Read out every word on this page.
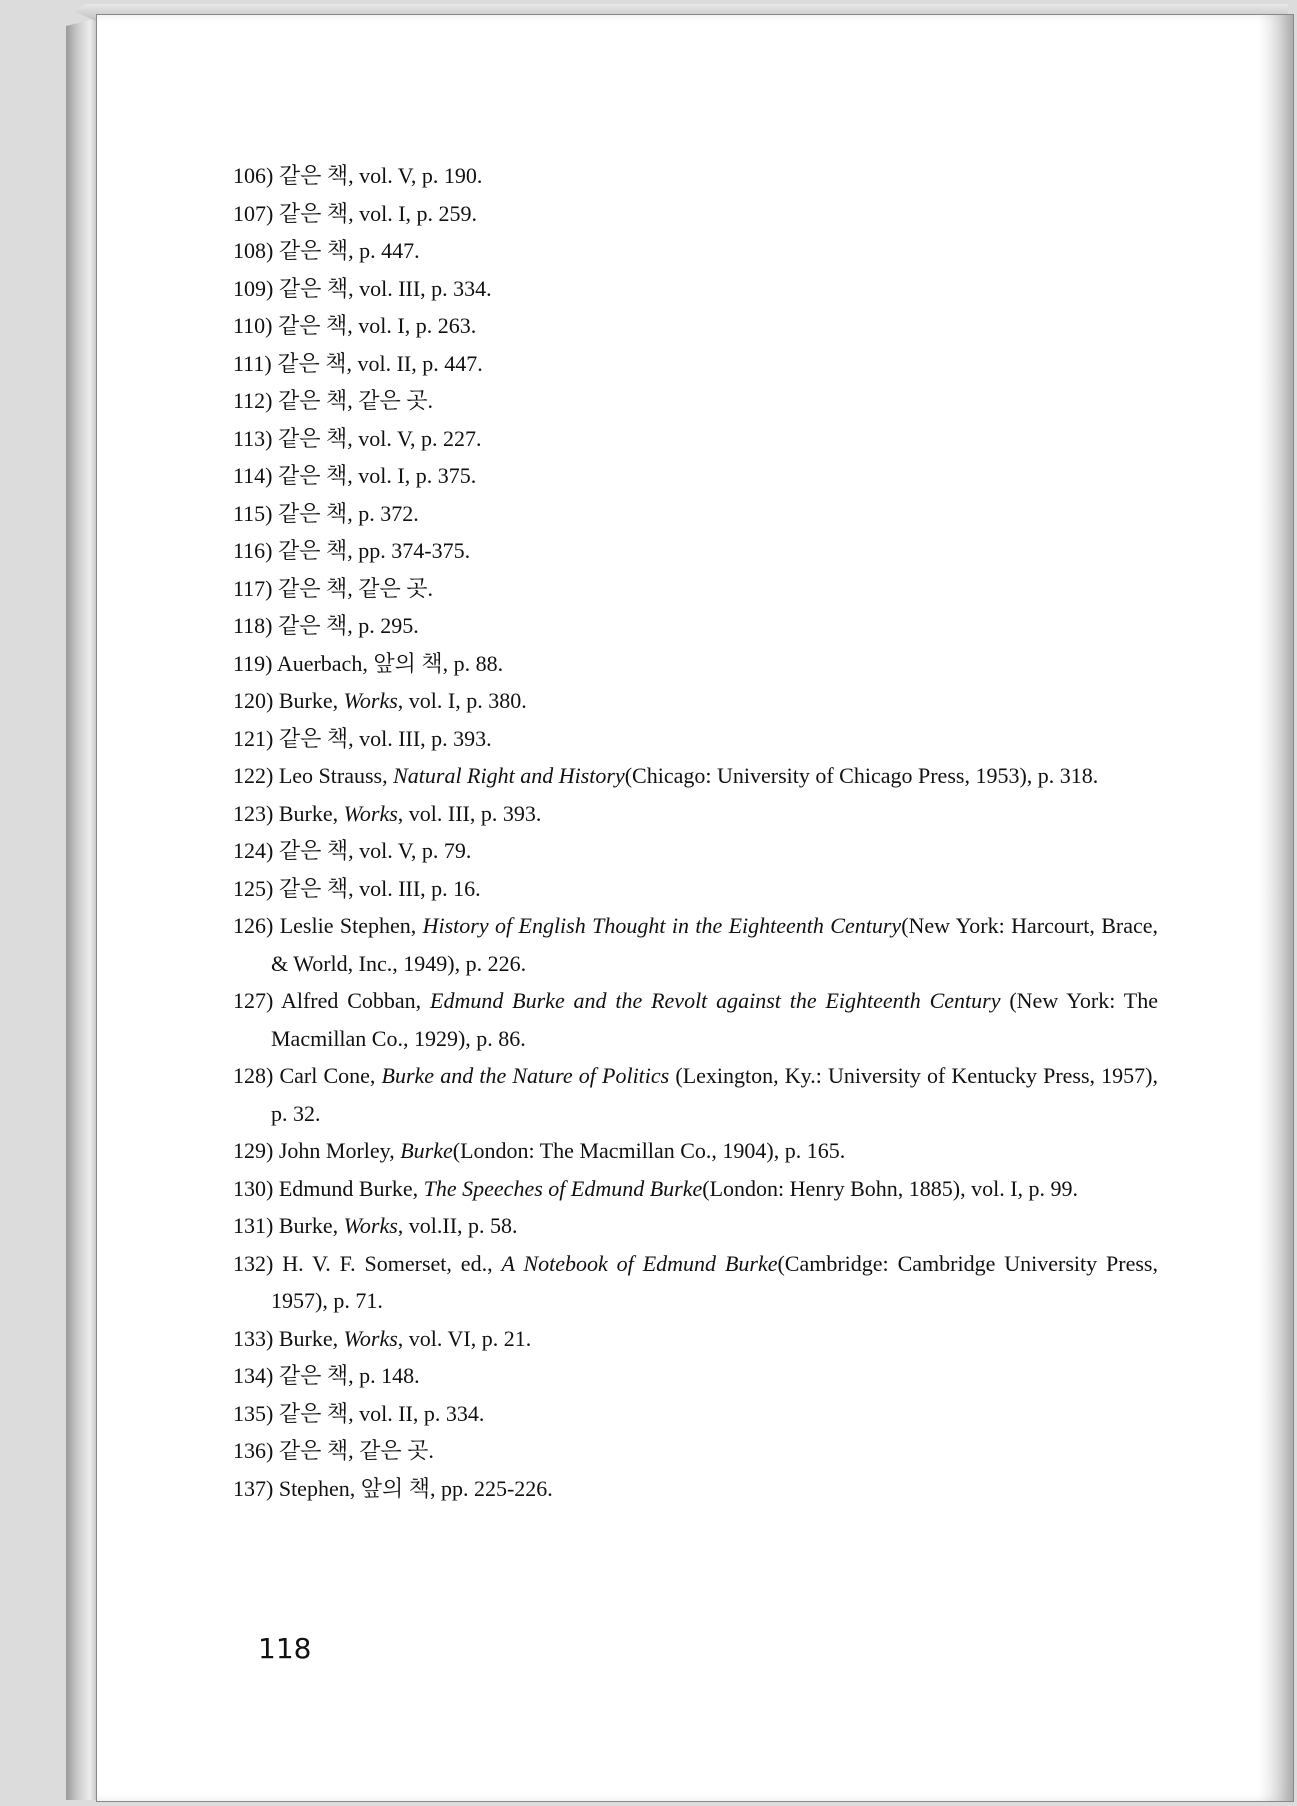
106) 같은 책, vol. V, p. 190.
107) 같은 책, vol. I, p. 259.
108) 같은 책, p. 447.
109) 같은 책, vol. III, p. 334.
110) 같은 책, vol. I, p. 263.
111) 같은 책, vol. II, p. 447.
112) 같은 책, 같은 곳.
113) 같은 책, vol. V, p. 227.
114) 같은 책, vol. I, p. 375.
115) 같은 책, p. 372.
116) 같은 책, pp. 374-375.
117) 같은 책, 같은 곳.
118) 같은 책, p. 295.
119) Auerbach, 앞의 책, p. 88.
120) Burke, Works, vol. I, p. 380.
121) 같은 책, vol. III, p. 393.
122) Leo Strauss, Natural Right and History(Chicago: University of Chicago Press, 1953), p. 318.
123) Burke, Works, vol. III, p. 393.
124) 같은 책, vol. V, p. 79.
125) 같은 책, vol. III, p. 16.
126) Leslie Stephen, History of English Thought in the Eighteenth Century(New York: Harcourt, Brace, & World, Inc., 1949), p. 226.
127) Alfred Cobban, Edmund Burke and the Revolt against the Eighteenth Century (New York: The Macmillan Co., 1929), p. 86.
128) Carl Cone, Burke and the Nature of Politics (Lexington, Ky.: University of Kentucky Press, 1957), p. 32.
129) John Morley, Burke(London: The Macmillan Co., 1904), p. 165.
130) Edmund Burke, The Speeches of Edmund Burke(London: Henry Bohn, 1885), vol. I, p. 99.
131) Burke, Works, vol.II, p. 58.
132) H. V. F. Somerset, ed., A Notebook of Edmund Burke(Cambridge: Cambridge University Press, 1957), p. 71.
133) Burke, Works, vol. VI, p. 21.
134) 같은 책, p. 148.
135) 같은 책, vol. II, p. 334.
136) 같은 책, 같은 곳.
137) Stephen, 앞의 책, pp. 225-226.
118
